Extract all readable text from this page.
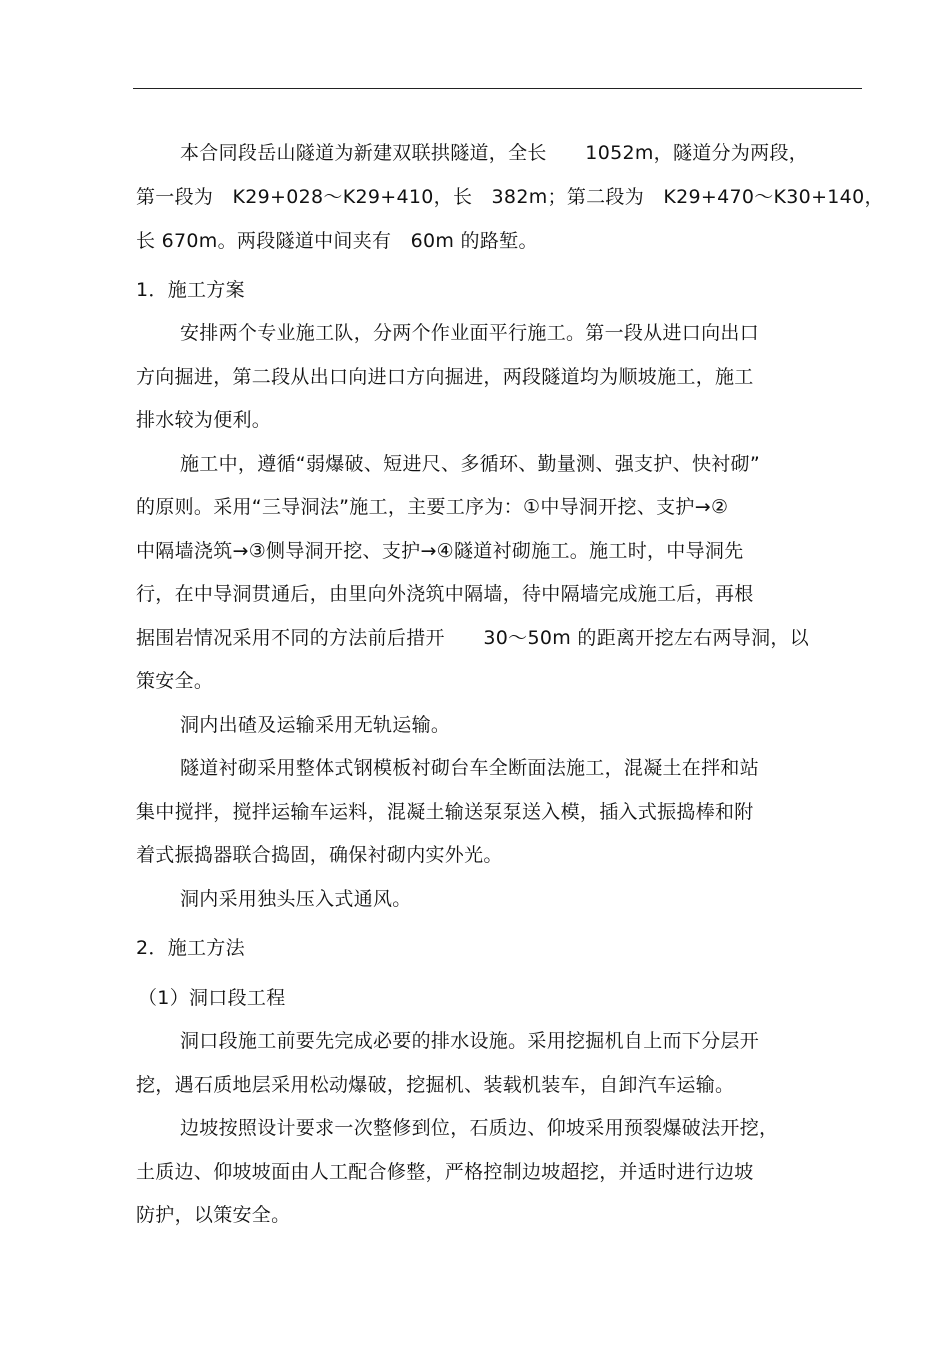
本合同段岳山隧道为新建双联拱隧道，全长　　1052m，隧道分为两段，
第一段为　K29+028～K29+410，长　382m；第二段为　K29+470～K30+140，
长 670m。两段隧道中间夹有　60m 的路堑。
1．施工方案
安排两个专业施工队，分两个作业面平行施工。第一段从进口向出口
方向掘进，第二段从出口向进口方向掘进，两段隧道均为顺坡施工，施工
排水较为便利。
施工中，遵循“弱爆破、短进尺、多循环、勤量测、强支护、快衬砌”
的原则。采用“三导洞法”施工，主要工序为：①中导洞开挖、支护→②
中隔墙浇筑→③侧导洞开挖、支护→④隧道衬砌施工。施工时，中导洞先
行，在中导洞贯通后，由里向外浇筑中隔墙，待中隔墙完成施工后，再根
据围岩情况采用不同的方法前后措开　　30～50m 的距离开挖左右两导洞，以
策安全。
洞内出碴及运输采用无轨运输。
隧道衬砌采用整体式钢模板衬砌台车全断面法施工，混凝土在拌和站
集中搅拌，搅拌运输车运料，混凝土输送泵泵送入模，插入式振捣棒和附
着式振捣器联合捣固，确保衬砌内实外光。
洞内采用独头压入式通风。
2．施工方法
（1）洞口段工程
洞口段施工前要先完成必要的排水设施。采用挖掘机自上而下分层开
挖，遇石质地层采用松动爆破，挖掘机、装载机装车，自卸汽车运输。
边坡按照设计要求一次整修到位，石质边、仰坡采用预裂爆破法开挖，
土质边、仰坡坡面由人工配合修整，严格控制边坡超挖，并适时进行边坡
防护，以策安全。
